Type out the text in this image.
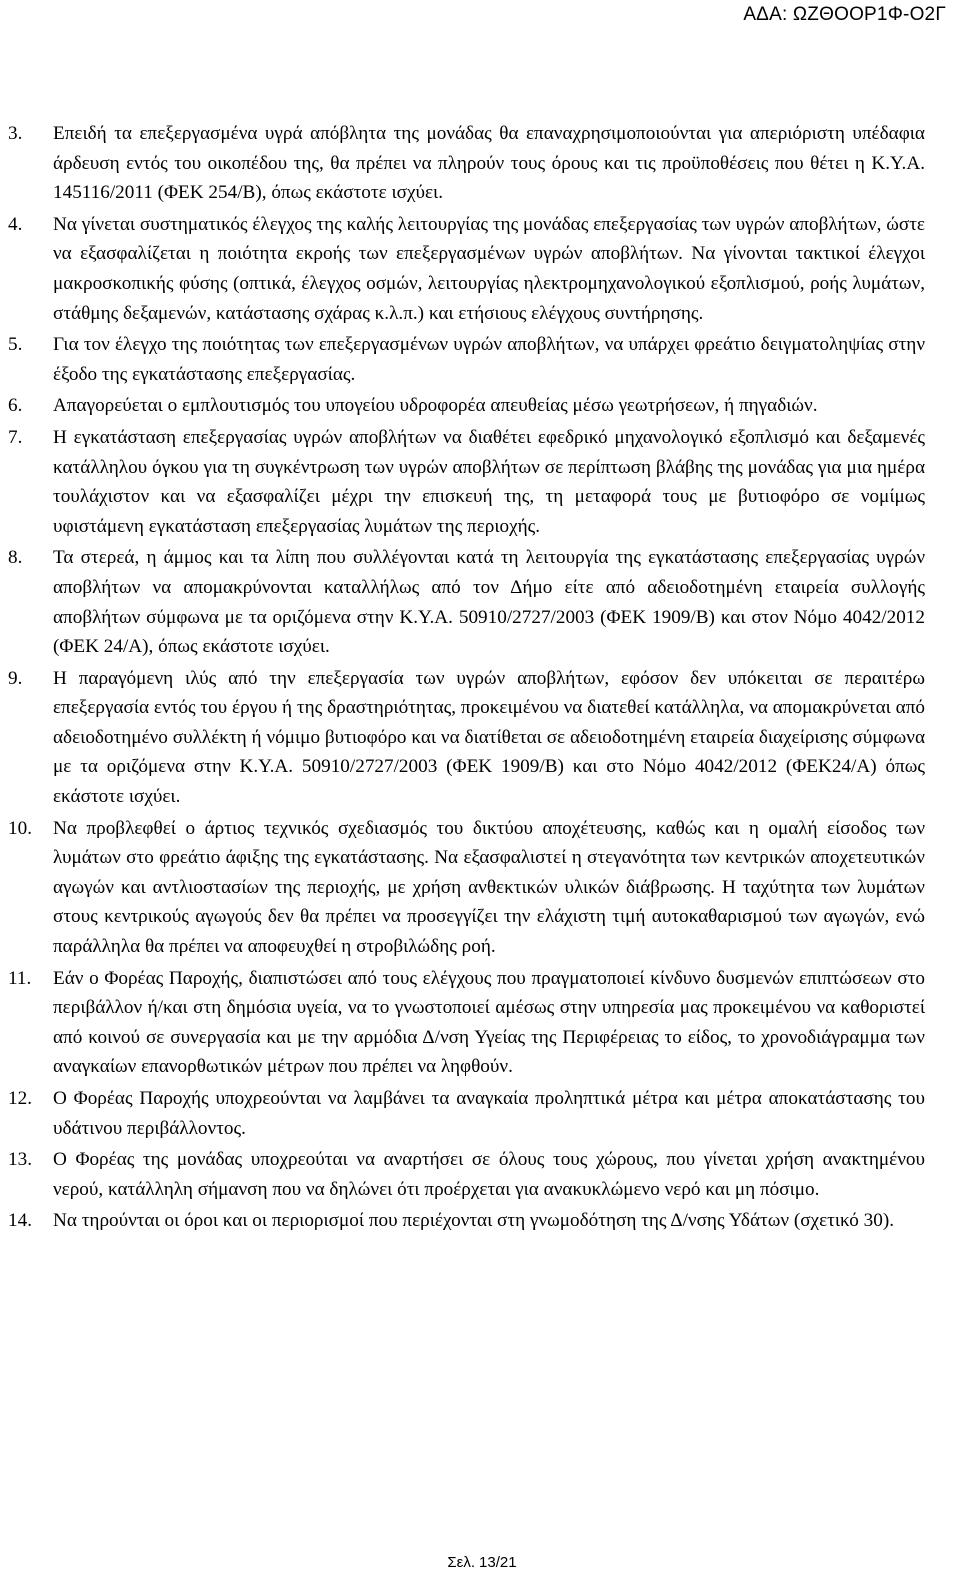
ΑΔΑ: ΩΖΘΟΟΡ1Φ-Ο2Γ
3. Επειδή τα επεξεργασμένα υγρά απόβλητα της μονάδας θα επαναχρησιμοποιούνται για απεριόριστη υπέδαφια άρδευση εντός του οικοπέδου της, θα πρέπει να πληρούν τους όρους και τις προϋποθέσεις που θέτει η Κ.Υ.Α. 145116/2011 (ΦΕΚ 254/Β), όπως εκάστοτε ισχύει.
4. Να γίνεται συστηματικός έλεγχος της καλής λειτουργίας της μονάδας επεξεργασίας των υγρών αποβλήτων, ώστε να εξασφαλίζεται η ποιότητα εκροής των επεξεργασμένων υγρών αποβλήτων. Να γίνονται τακτικοί έλεγχοι μακροσκοπικής φύσης (οπτικά, έλεγχος οσμών, λειτουργίας ηλεκτρομηχανολογικού εξοπλισμού, ροής λυμάτων, στάθμης δεξαμενών, κατάστασης σχάρας κ.λ.π.) και ετήσιους ελέγχους συντήρησης.
5. Για τον έλεγχο της ποιότητας των επεξεργασμένων υγρών αποβλήτων, να υπάρχει φρεάτιο δειγματοληψίας στην έξοδο της εγκατάστασης επεξεργασίας.
6. Απαγορεύεται ο εμπλουτισμός του υπογείου υδροφορέα απευθείας μέσω γεωτρήσεων, ή πηγαδιών.
7. Η εγκατάσταση επεξεργασίας υγρών αποβλήτων να διαθέτει εφεδρικό μηχανολογικό εξοπλισμό και δεξαμενές κατάλληλου όγκου για τη συγκέντρωση των υγρών αποβλήτων σε περίπτωση βλάβης της μονάδας για μια ημέρα τουλάχιστον και να εξασφαλίζει μέχρι την επισκευή της, τη μεταφορά τους με βυτιοφόρο σε νομίμως υφιστάμενη εγκατάσταση επεξεργασίας λυμάτων της περιοχής.
8. Τα στερεά, η άμμος και τα λίπη που συλλέγονται κατά τη λειτουργία της εγκατάστασης επεξεργασίας υγρών αποβλήτων να απομακρύνονται καταλλήλως από τον Δήμο είτε από αδειοδοτημένη εταιρεία συλλογής αποβλήτων σύμφωνα με τα οριζόμενα στην Κ.Υ.Α. 50910/2727/2003 (ΦΕΚ 1909/Β) και στον Νόμο 4042/2012 (ΦΕΚ 24/Α), όπως εκάστοτε ισχύει.
9. Η παραγόμενη ιλύς από την επεξεργασία των υγρών αποβλήτων, εφόσον δεν υπόκειται σε περαιτέρω επεξεργασία εντός του έργου ή της δραστηριότητας, προκειμένου να διατεθεί κατάλληλα, να απομακρύνεται από αδειοδοτημένο συλλέκτη ή νόμιμο βυτιοφόρο και να διατίθεται σε αδειοδοτημένη εταιρεία διαχείρισης σύμφωνα με τα οριζόμενα στην Κ.Υ.Α. 50910/2727/2003 (ΦΕΚ 1909/Β) και στο Νόμο 4042/2012 (ΦΕΚ24/Α) όπως εκάστοτε ισχύει.
10. Να προβλεφθεί ο άρτιος τεχνικός σχεδιασμός του δικτύου αποχέτευσης, καθώς και η ομαλή είσοδος των λυμάτων στο φρεάτιο άφιξης της εγκατάστασης. Να εξασφαλιστεί η στεγανότητα των κεντρικών αποχετευτικών αγωγών και αντλιοστασίων της περιοχής, με χρήση ανθεκτικών υλικών διάβρωσης. Η ταχύτητα των λυμάτων στους κεντρικούς αγωγούς δεν θα πρέπει να προσεγγίζει την ελάχιστη τιμή αυτοκαθαρισμού των αγωγών, ενώ παράλληλα θα πρέπει να αποφευχθεί η στροβιλώδης ροή.
11. Εάν ο Φορέας Παροχής, διαπιστώσει από τους ελέγχους που πραγματοποιεί κίνδυνο δυσμενών επιπτώσεων στο περιβάλλον ή/και στη δημόσια υγεία, να το γνωστοποιεί αμέσως στην υπηρεσία μας προκειμένου να καθοριστεί από κοινού σε συνεργασία και με την αρμόδια Δ/νση Υγείας της Περιφέρειας το είδος, το χρονοδιάγραμμα των αναγκαίων επανορθωτικών μέτρων που πρέπει να ληφθούν.
12. Ο Φορέας Παροχής υποχρεούνται να λαμβάνει τα αναγκαία προληπτικά μέτρα και μέτρα αποκατάστασης του υδάτινου περιβάλλοντος.
13. Ο Φορέας της μονάδας υποχρεούται να αναρτήσει σε όλους τους χώρους, που γίνεται χρήση ανακτημένου νερού, κατάλληλη σήμανση που να δηλώνει ότι προέρχεται για ανακυκλώμενο νερό και μη πόσιμο.
14. Να τηρούνται οι όροι και οι περιορισμοί που περιέχονται στη γνωμοδότηση της Δ/νσης Υδάτων (σχετικό 30).
Σελ. 13/21
